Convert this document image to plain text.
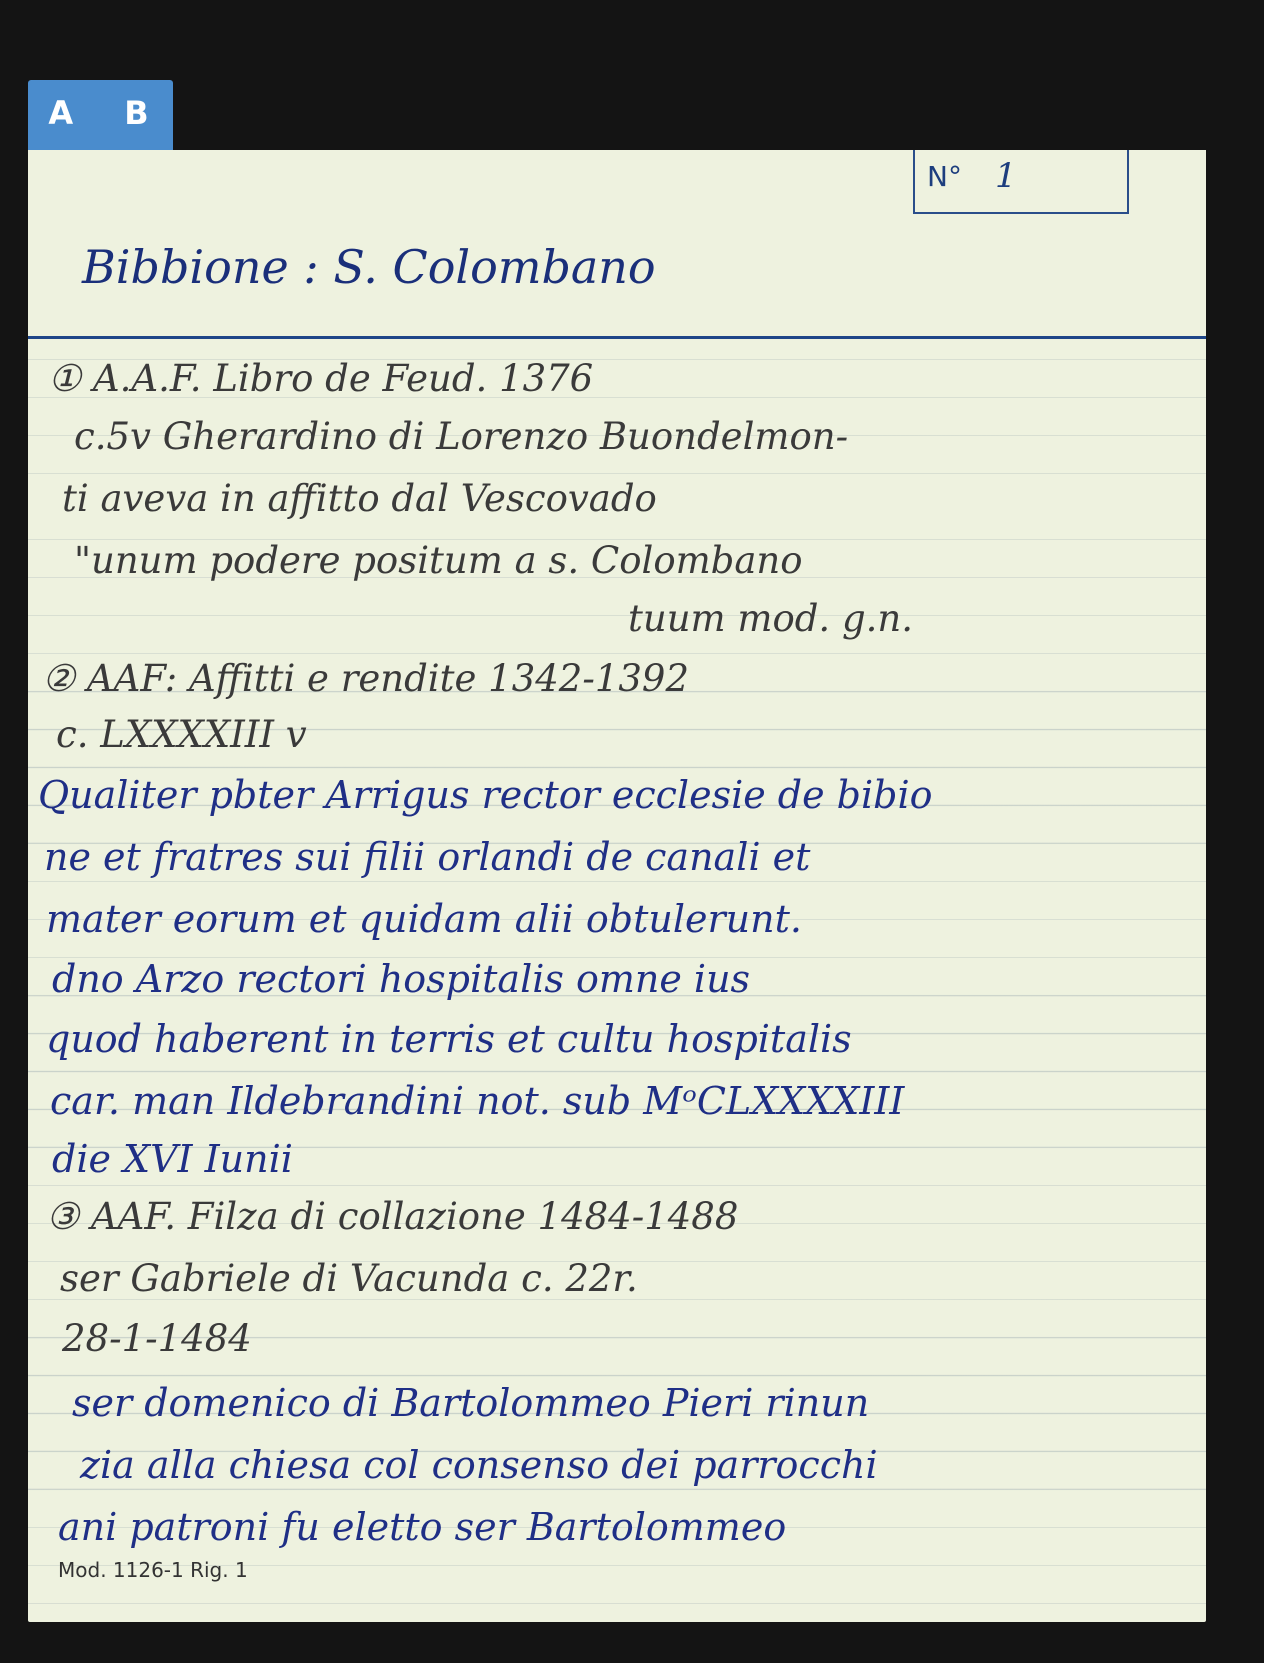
A B
N° 1
Bibbione : S. Colombano
① A.A.F. Libro de Feud. 1376
c.5v Gherardino di Lorenzo Buondelmon-
ti aveva in affitto dal Vescovado
"unum podere positum a s. Colombano
tuum mod. g.n.
② AAF: Affitti e rendite 1342-1392
c. LXXXXIII v
Qualiter pbter Arrigus rector ecclesie de bibio
ne et fratres sui filii orlandi de canali et
mater eorum et quidam alii obtulerunt.
dno Arzo rectori hospitalis omne ius
quod haberent in terris et cultu hospitalis
car. man Ildebrandini not. sub MᵒCLXXXXIII
die XVI Iunii
③ AAF. Filza di collazione 1484-1488
ser Gabriele di Vacunda c. 22r.
28-1-1484
ser domenico di Bartolommeo Pieri rinun
zia alla chiesa col consenso dei parrocchi
ani patroni fu eletto ser Bartolommeo
Mod. 1126-1 Rig. 1
